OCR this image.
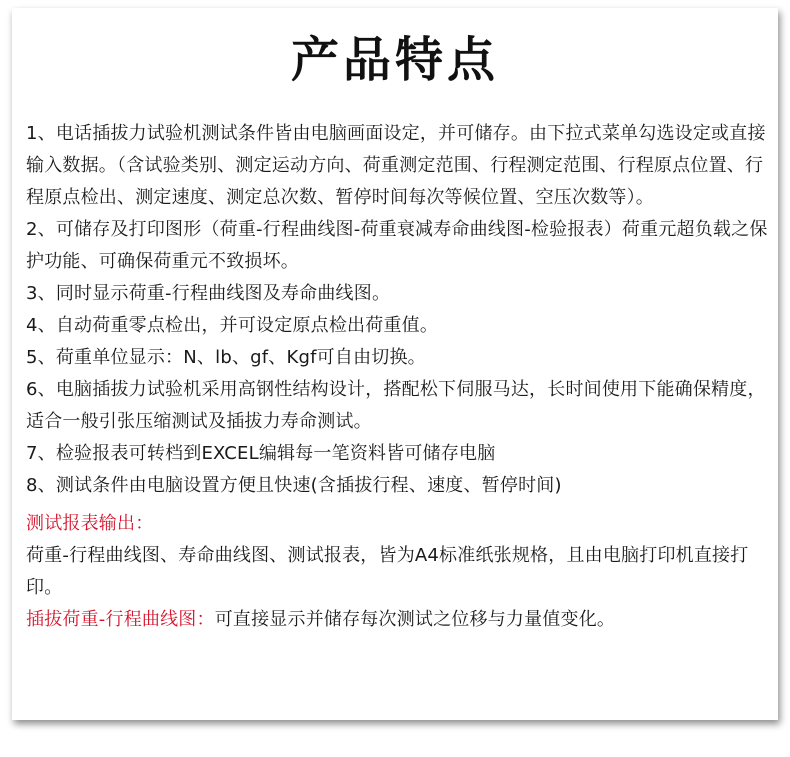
产品特点

1、电话插拔力试验机测试条件皆由电脑画面设定，并可储存。由下拉式菜单勾选设定或直接输入数据。（含试验类别、测定运动方向、荷重测定范围、行程测定范围、行程原点位置、行程原点检出、测定速度、测定总次数、暂停时间每次等候位置、空压次数等）。

2、可储存及打印图形（荷重-行程曲线图-荷重衰减寿命曲线图-检验报表）荷重元超负载之保护功能、可确保荷重元不致损坏。

3、同时显示荷重-行程曲线图及寿命曲线图。

4、自动荷重零点检出，并可设定原点检出荷重值。

5、荷重单位显示：N、lb、gf、Kgf可自由切换。

6、电脑插拔力试验机采用高钢性结构设计，搭配松下伺服马达，长时间使用下能确保精度，适合一般引张压缩测试及插拔力寿命测试。

7、检验报表可转档到EXCEL编辑每一笔资料皆可储存电脑

8、测试条件由电脑设置方便且快速(含插拔行程、速度、暂停时间)

测试报表输出：

荷重-行程曲线图、寿命曲线图、测试报表，皆为A4标准纸张规格，且由电脑打印机直接打印。

插拔荷重-行程曲线图：可直接显示并储存每次测试之位移与力量值变化。
